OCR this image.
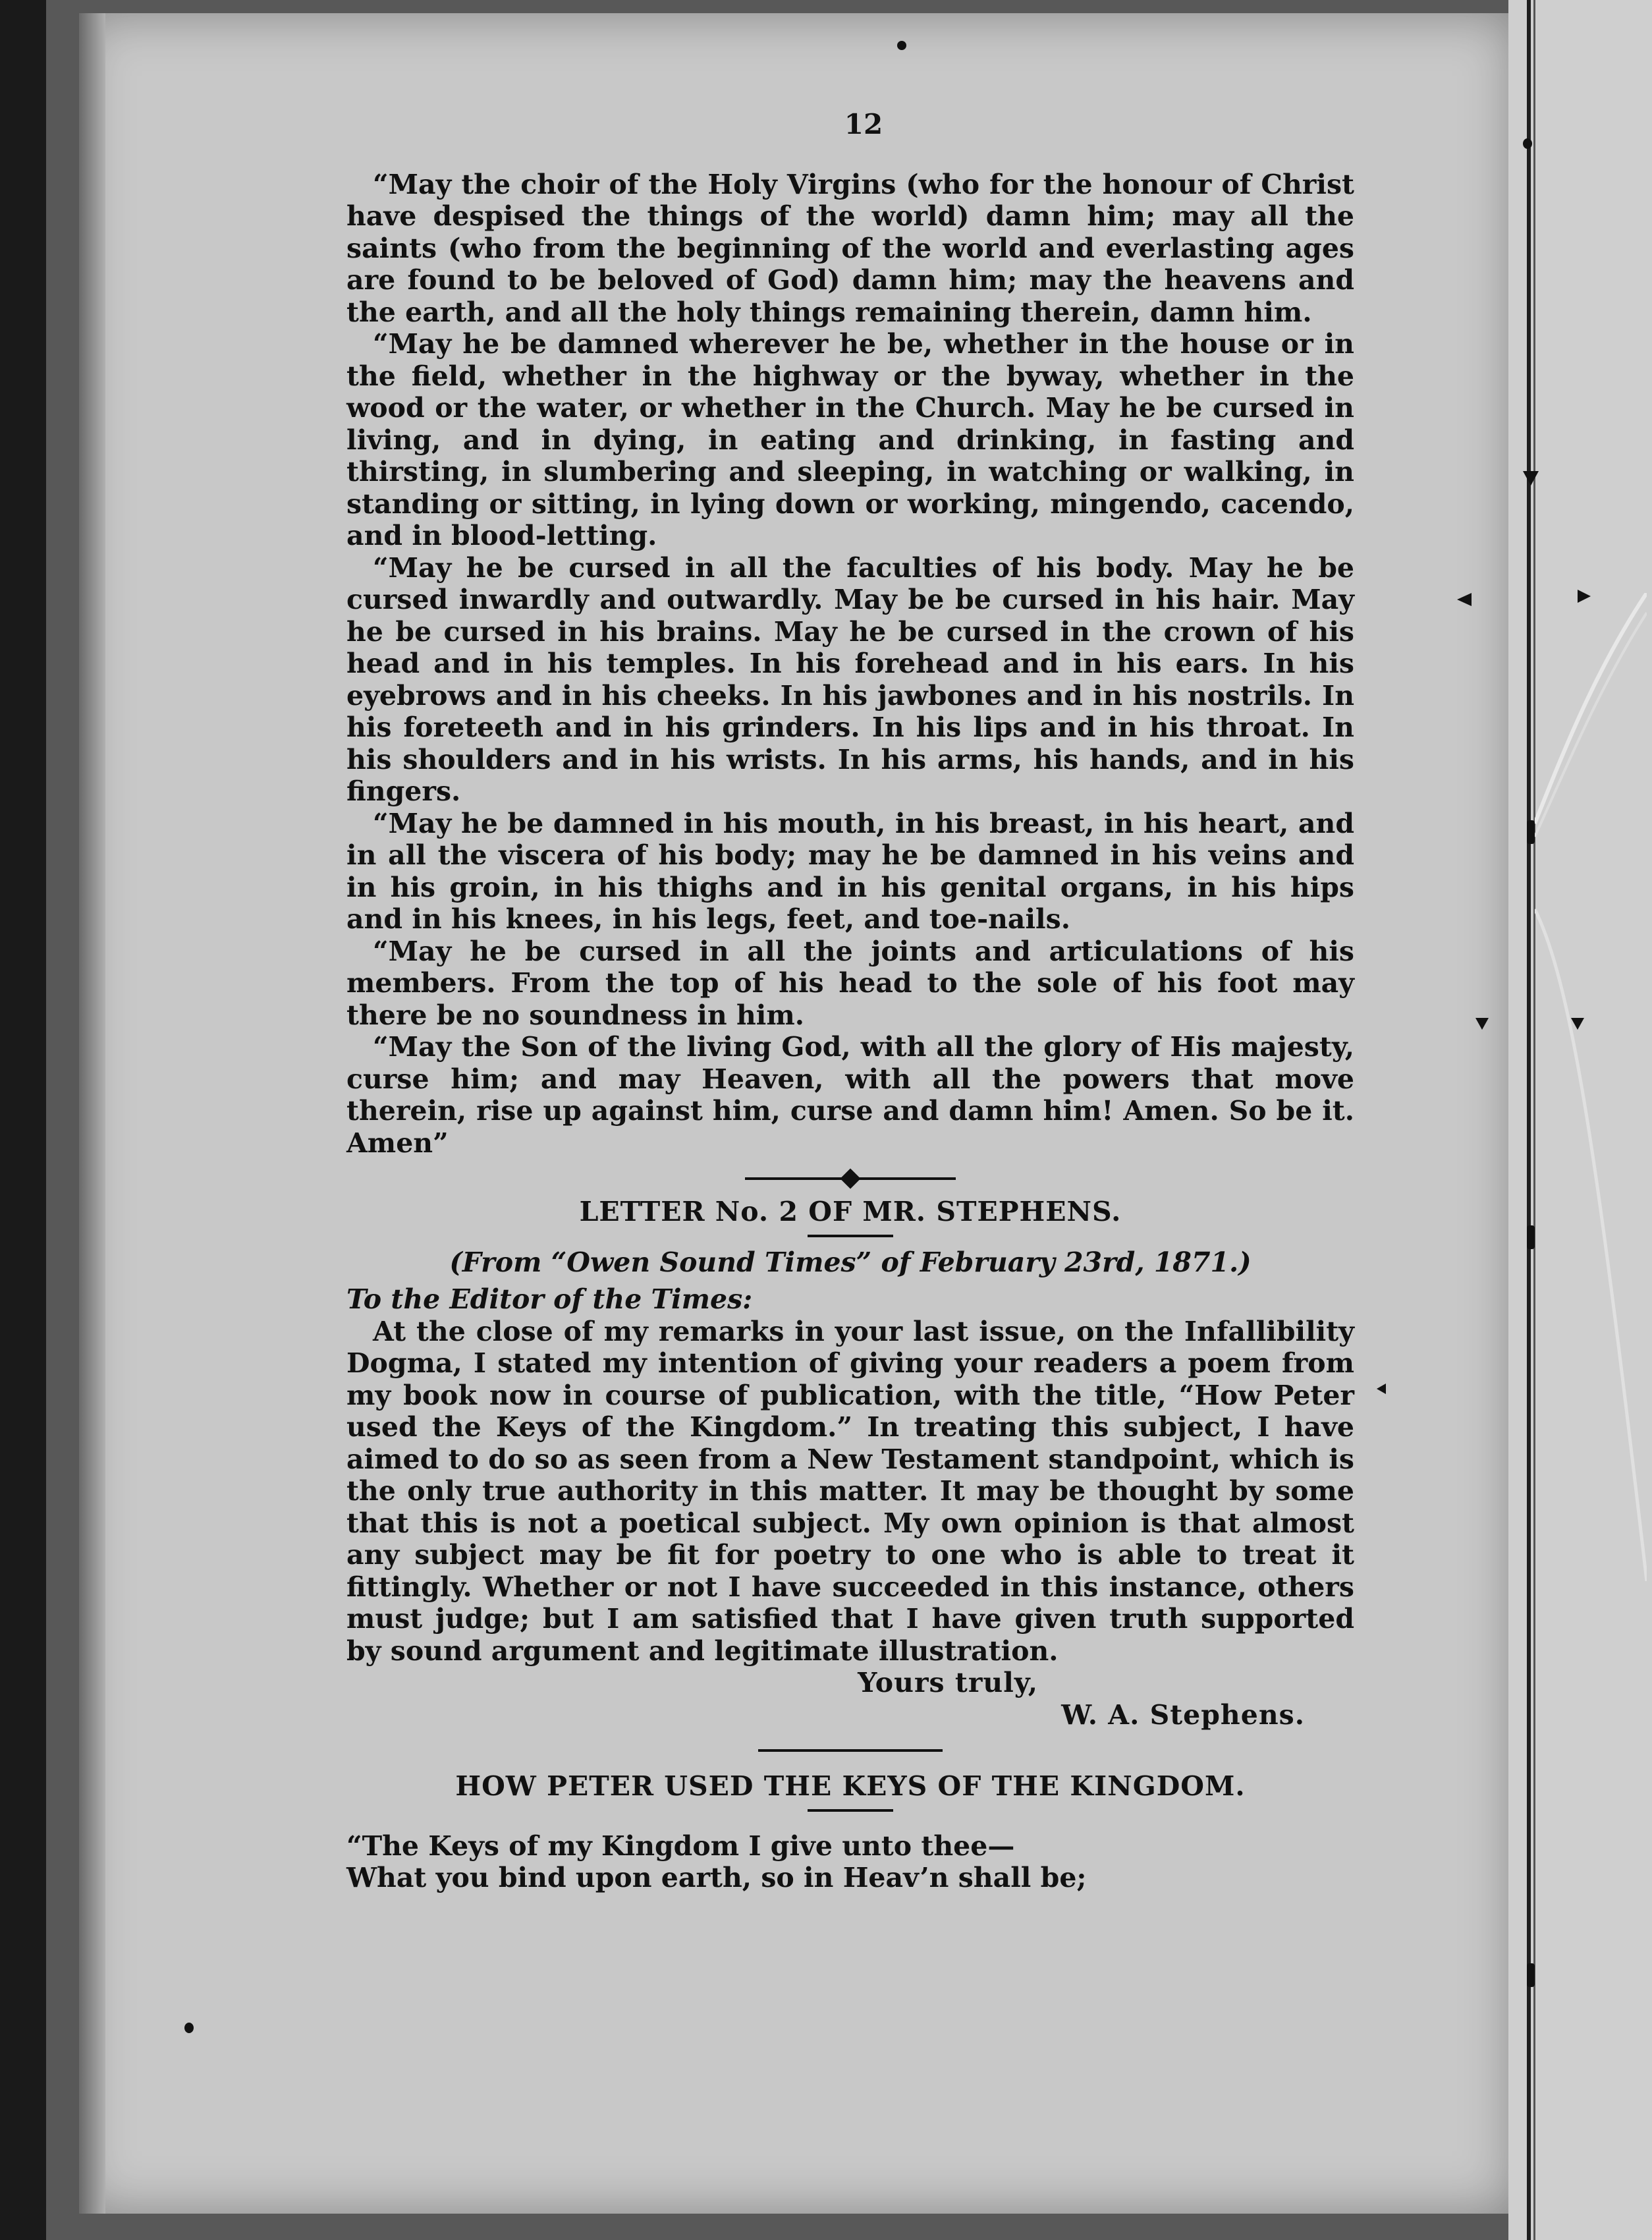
12

“May the choir of the Holy Virgins (who for the honour of Christ have despised the things of the world) damn him; may all the saints (who from the beginning of the world and everlasting ages are found to be beloved of God) damn him; may the heavens and the earth, and all the holy things remaining therein, damn him.

“May he be damned wherever he be, whether in the house or in the field, whether in the highway or the byway, whether in the wood or the water, or whether in the Church. May he be cursed in living, and in dying, in eating and drinking, in fasting and thirsting, in slumbering and sleeping, in watching or walking, in standing or sitting, in lying down or working, mingendo, cacendo, and in blood-letting.

“May he be cursed in all the faculties of his body. May he be cursed inwardly and outwardly. May be be cursed in his hair. May he be cursed in his brains. May he be cursed in the crown of his head and in his temples. In his forehead and in his ears. In his eyebrows and in his cheeks. In his jawbones and in his nostrils. In his foreteeth and in his grinders. In his lips and in his throat. In his shoulders and in his wrists. In his arms, his hands, and in his fingers.

“May he be damned in his mouth, in his breast, in his heart, and in all the viscera of his body; may he be damned in his veins and in his groin, in his thighs and in his genital organs, in his hips and in his knees, in his legs, feet, and toe-nails.

“May he be cursed in all the joints and articulations of his members. From the top of his head to the sole of his foot may there be no soundness in him.

“May the Son of the living God, with all the glory of His majesty, curse him; and may Heaven, with all the powers that move therein, rise up against him, curse and damn him! Amen. So be it. Amen”

LETTER No. 2 OF MR. STEPHENS.

(From “Owen Sound Times” of February 23rd, 1871.)

To the Editor of the Times:

At the close of my remarks in your last issue, on the Infallibility Dogma, I stated my intention of giving your readers a poem from my book now in course of publication, with the title, “How Peter used the Keys of the Kingdom.” In treating this subject, I have aimed to do so as seen from a New Testament standpoint, which is the only true authority in this matter. It may be thought by some that this is not a poetical subject. My own opinion is that almost any subject may be fit for poetry to one who is able to treat it fittingly. Whether or not I have succeeded in this instance, others must judge; but I am satisfied that I have given truth supported by sound argument and legitimate illustration.

Yours truly,

W. A. Stephens.

HOW PETER USED THE KEYS OF THE KINGDOM.

“The Keys of my Kingdom I give unto thee—

What you bind upon earth, so in Heav’n shall be;
